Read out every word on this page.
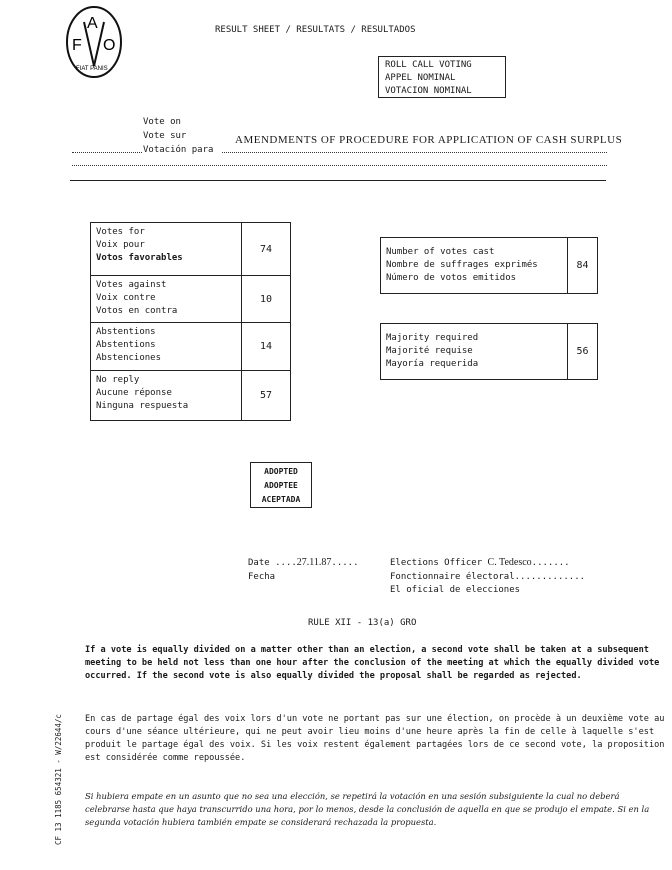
F
A
O
FIAT PANIS
RESULT SHEET / RESULTATS / RESULTADOS
ROLL CALL VOTING
APPEL NOMINAL
VOTACION NOMINAL
Vote on
Vote sur
Votación para
AMENDMENTS OF PROCEDURE FOR APPLICATION OF CASH SURPLUS
Votes for
Voix pour
Votos favorables	74

Votes against
Voix contre
Votos en contra	10

Abstentions
Abstentions
Abstenciones	14

No reply
Aucune réponse
Ninguna respuesta	57
Number of votes cast
Nombre de suffrages exprimés
Número de votos emitidos
	84
Majority required
Majorité requise
Mayoría requerida
	56
ADOPTED
ADOPTEE
ACEPTADA
Date ....27.11.87.....
Fecha
Elections Officer C. Tedesco.......
Fonctionnaire électoral.............
El oficial de elecciones
RULE XII - 13(a) GRO
If a vote is equally divided on a matter other than an election, a second vote shall be taken at a subsequent meeting to be held not less than one hour after the conclusion of the meeting at which the equally divided vote occurred. If the second vote is also equally divided the proposal shall be regarded as rejected.
En cas de partage égal des voix lors d'un vote ne portant pas sur une élection, on procède à un deuxième vote au cours d'une séance ultérieure, qui ne peut avoir lieu moins d'une heure après la fin de celle à laquelle s'est produit le partage égal des voix. Si les voix restent également partagées lors de ce second vote, la proposition est considérée comme repoussée.
Si hubiera empate en un asunto que no sea una elección, se repetirá la votación en una sesión subsiguiente la cual no deberá celebrarse hasta que haya transcurrido una hora, por lo menos, desde la conclusión de aquella en que se produjo el empate. Si en la segunda votación hubiera también empate se considerará rechazada la propuesta.
CF 13 1185 654321 - W/22644/c
